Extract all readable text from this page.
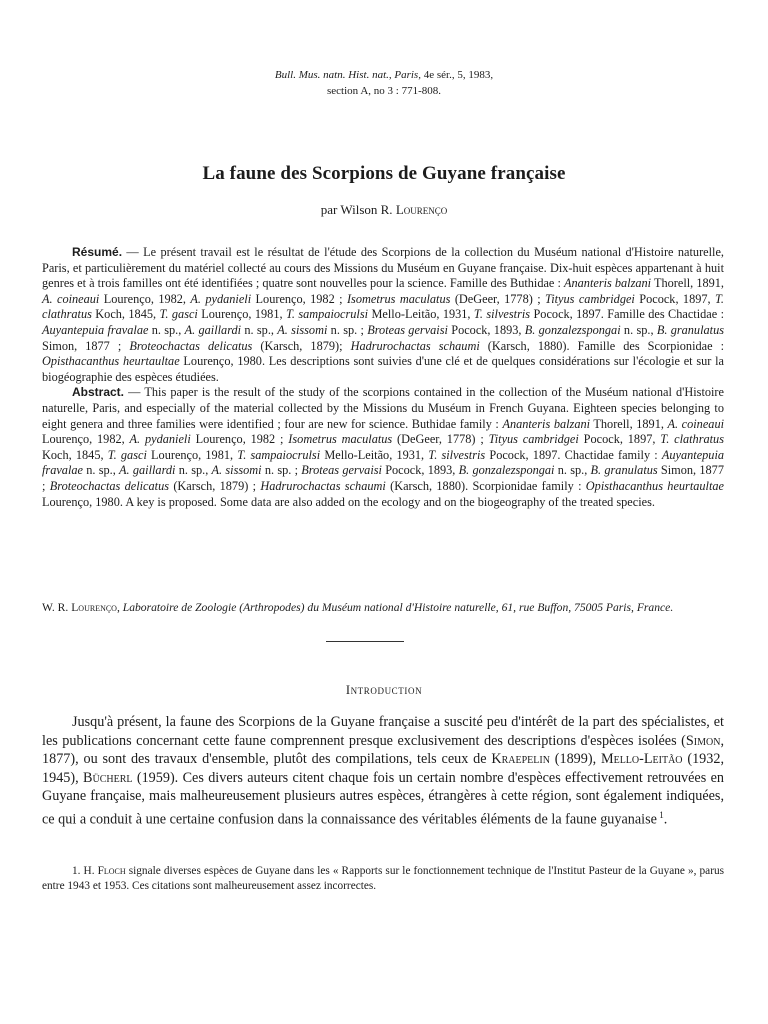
Bull. Mus. natn. Hist. nat., Paris, 4e sér., 5, 1983,
section A, no 3 : 771-808.
La faune des Scorpions de Guyane française
par Wilson R. Lourenço

Résumé. — Le présent travail est le résultat de l'étude des Scorpions de la collection du Muséum national d'Histoire naturelle, Paris, et particulièrement du matériel collecté au cours des Missions du Muséum en Guyane française. Dix-huit espèces appartenant à huit genres et à trois familles ont été identifiées ; quatre sont nouvelles pour la science. Famille des Buthidae : Ananteris balzani Thorell, 1891, A. coineaui Lourenço, 1982, A. pydanieli Lourenço, 1982 ; Isometrus maculatus (DeGeer, 1778) ; Tityus cambridgei Pocock, 1897, T. clathratus Koch, 1845, T. gasci Lourenço, 1981, T. sampaiocrulsi Mello-Leitão, 1931, T. silvestris Pocock, 1897. Famille des Chactidae : Auyantepuia fravalae n. sp., A. gaillardi n. sp., A. sissomi n. sp. ; Broteas gervaisi Pocock, 1893, B. gonzalezspongai n. sp., B. granulatus Simon, 1877 ; Broteochactas delicatus (Karsch, 1879); Hadrurochactas schaumi (Karsch, 1880). Famille des Scorpionidae : Opisthacanthus heurtaultae Lourenço, 1980. Les descriptions sont suivies d'une clé et de quelques considérations sur l'écologie et sur la biogéographie des espèces étudiées.

Abstract. — This paper is the result of the study of the scorpions contained in the collection of the Muséum national d'Histoire naturelle, Paris, and especially of the material collected by the Missions du Muséum in French Guyana. Eighteen species belonging to eight genera and three families were identified ; four are new for science. Buthidae family : Ananteris balzani Thorell, 1891, A. coineaui Lourenço, 1982, A. pydanieli Lourenço, 1982 ; Isometrus maculatus (DeGeer, 1778) ; Tityus cambridgei Pocock, 1897, T. clathratus Koch, 1845, T. gasci Lourenço, 1981, T. sampaiocrulsi Mello-Leitão, 1931, T. silvestris Pocock, 1897. Chactidae family : Auyantepuia fravalae n. sp., A. gaillardi n. sp., A. sissomi n. sp. ; Broteas gervaisi Pocock, 1893, B. gonzalezspongai n. sp., B. granulatus Simon, 1877 ; Broteochactas delicatus (Karsch, 1879) ; Hadrurochactas schaumi (Karsch, 1880). Scorpionidae family : Opisthacanthus heurtaultae Lourenço, 1980. A key is proposed. Some data are also added on the ecology and on the biogeography of the treated species.

W. R. Lourenço, Laboratoire de Zoologie (Arthropodes) du Muséum national d'Histoire naturelle, 61, rue Buffon, 75005 Paris, France.
Introduction

Jusqu'à présent, la faune des Scorpions de la Guyane française a suscité peu d'intérêt de la part des spécialistes, et les publications concernant cette faune comprennent presque exclusivement des descriptions d'espèces isolées (Simon, 1877), ou sont des travaux d'ensemble, plutôt des compilations, tels ceux de Kraepelin (1899), Mello-Leitão (1932, 1945), Bücherl (1959). Ces divers auteurs citent chaque fois un certain nombre d'espèces effectivement retrouvées en Guyane française, mais malheureusement plusieurs autres espèces, étrangères à cette région, sont également indiquées, ce qui a conduit à une certaine confusion dans la connaissance des véritables éléments de la faune guyanaise $^1$.

1. H. Floch signale diverses espèces de Guyane dans les « Rapports sur le fonctionnement technique de l'Institut Pasteur de la Guyane », parus entre 1943 et 1953. Ces citations sont malheureusement assez incorrectes.
